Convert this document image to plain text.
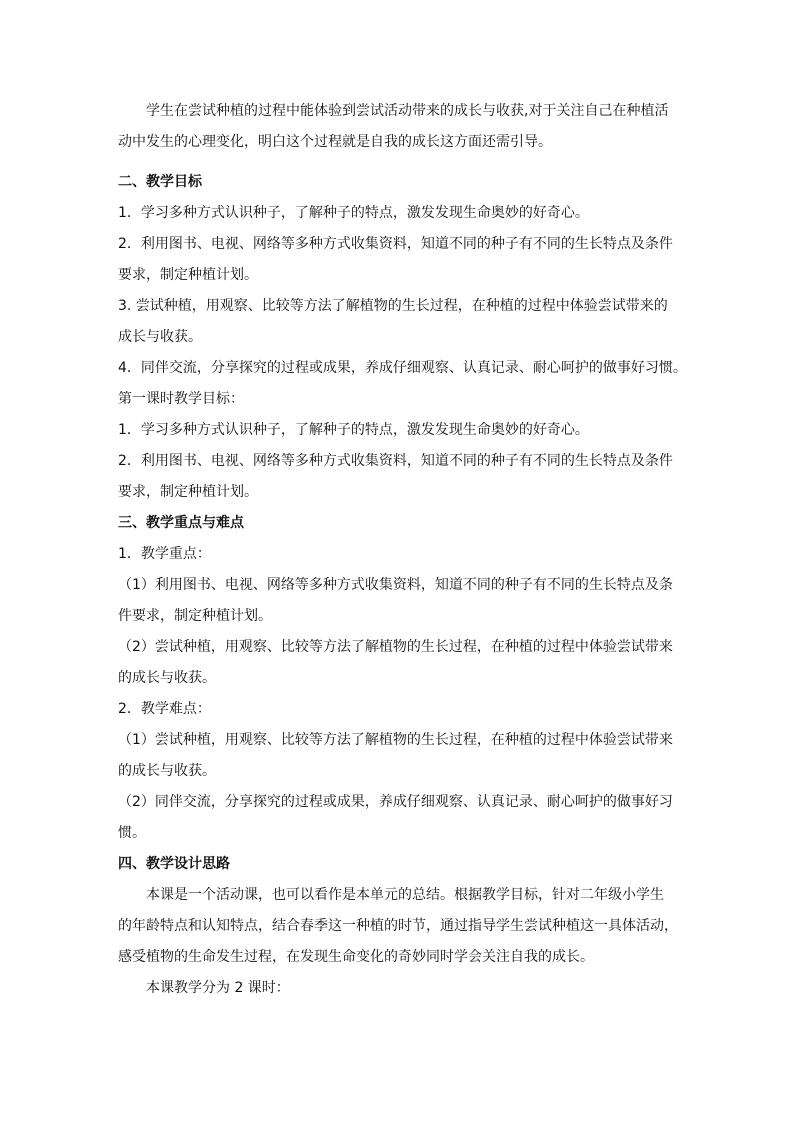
学生在尝试种植的过程中能体验到尝试活动带来的成长与收获,对于关注自己在种植活
动中发生的心理变化，明白这个过程就是自我的成长这方面还需引导。
二、教学目标
1．学习多种方式认识种子，了解种子的特点，激发发现生命奥妙的好奇心。
2．利用图书、电视、网络等多种方式收集资料，知道不同的种子有不同的生长特点及条件
要求，制定种植计划。
3. 尝试种植，用观察、比较等方法了解植物的生长过程，在种植的过程中体验尝试带来的
成长与收获。
4．同伴交流，分享探究的过程或成果，养成仔细观察、认真记录、耐心呵护的做事好习惯。
第一课时教学目标：
1．学习多种方式认识种子，了解种子的特点，激发发现生命奥妙的好奇心。
2．利用图书、电视、网络等多种方式收集资料，知道不同的种子有不同的生长特点及条件
要求，制定种植计划。
三、教学重点与难点
1．教学重点：
（1）利用图书、电视、网络等多种方式收集资料，知道不同的种子有不同的生长特点及条
件要求，制定种植计划。
（2）尝试种植，用观察、比较等方法了解植物的生长过程，在种植的过程中体验尝试带来
的成长与收获。
2．教学难点：
（1）尝试种植，用观察、比较等方法了解植物的生长过程，在种植的过程中体验尝试带来
的成长与收获。
（2）同伴交流，分享探究的过程或成果，养成仔细观察、认真记录、耐心呵护的做事好习
惯。
四、教学设计思路
本课是一个活动课，也可以看作是本单元的总结。根据教学目标，针对二年级小学生
的年龄特点和认知特点，结合春季这一种植的时节，通过指导学生尝试种植这一具体活动，
感受植物的生命发生过程，在发现生命变化的奇妙同时学会关注自我的成长。
本课教学分为 2 课时：
